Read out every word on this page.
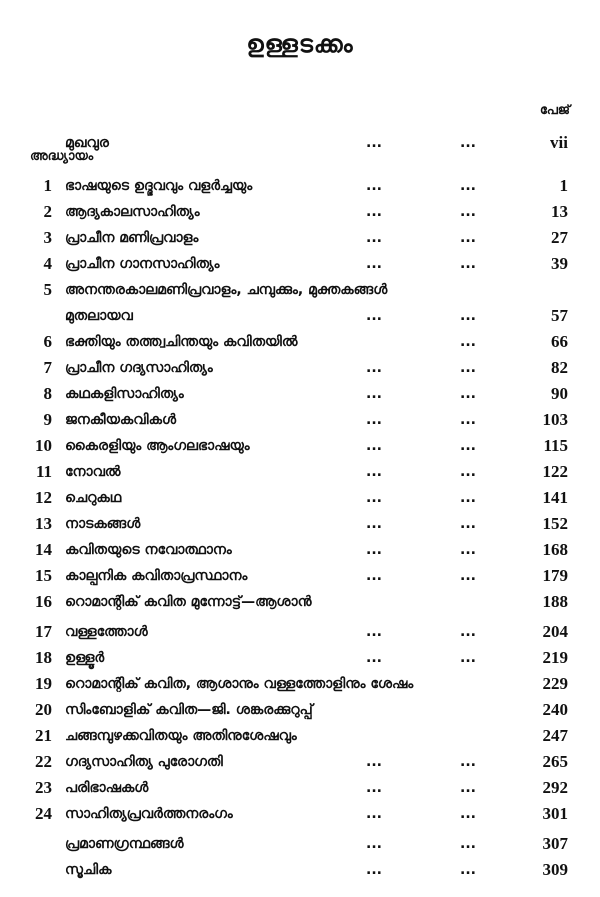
ഉള്ളടക്കം
പേജ്
മുഖവുര	...	...	vii
അദ്ധ്യായം
1 ഭാഷയുടെ ഉദ്ഭവവും വളർച്ചയും	...	...	1
2 ആദ്യകാലസാഹിത്യം	...	...	13
3 പ്രാചീന മണിപ്രവാളം	...	...	27
4 പ്രാചീന ഗാനസാഹിത്യം	...	...	39
5 അനന്തരകാലമണിപ്രവാളം, ചമ്പുക്കും, മുക്തകങ്ങൾ
മുതലായവ	...	...	57
6 ഭക്തിയും തത്ത്വചിന്തയും കവിതയിൽ	...	66
7 പ്രാചീന ഗദ്യസാഹിത്യം	...	...	82
8 കഥകളിസാഹിത്യം	...	...	90
9 ജനകീയകവികൾ	...	...	103
10 കൈരളിയും ആംഗലഭാഷയും	...	...	115
11 നോവൽ	...	...	122
12 ചെറുകഥ	...	...	141
13 നാടകങ്ങൾ	...	...	152
14 കവിതയുടെ നവോത്ഥാനം	...	...	168
15 കാല്പനിക കവിതാപ്രസ്ഥാനം	...	...	179
16 റൊമാന്റിക് കവിത മുന്നോട്ട്—ആശാൻ	188
17 വള്ളത്തോൾ	...	...	204
18 ഉള്ളൂർ	...	...	219
19 റൊമാന്റിക് കവിത, ആശാനും വള്ളത്തോളിനും ശേഷം	229
20 സിംബോളിക് കവിത—ജി. ശങ്കരക്കുറുപ്പ്	240
21 ചങ്ങമ്പുഴക്കവിതയും അതിനുശേഷവും	247
22 ഗദ്യസാഹിത്യ പുരോഗതി	...	...	265
23 പരിഭാഷകൾ	...	...	292
24 സാഹിത്യപ്രവർത്തനരംഗം	...	...	301
പ്രമാണഗ്രന്ഥങ്ങൾ	...	...	307
സൂചിക	...	...	309
